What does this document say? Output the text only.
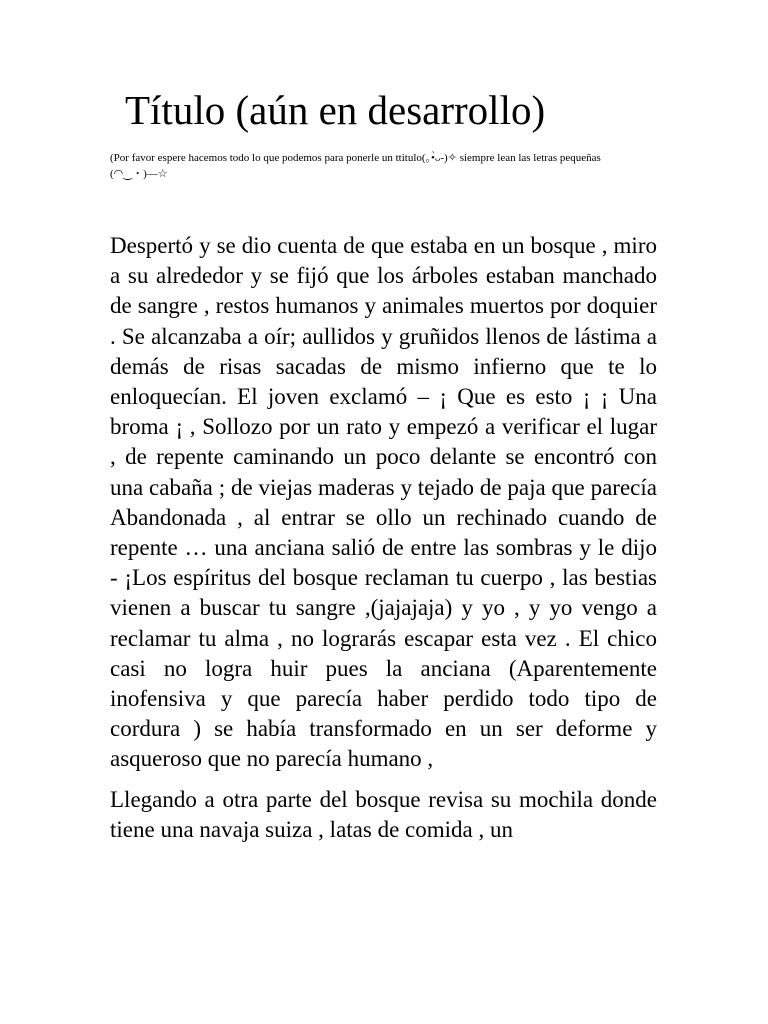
Título (aún en desarrollo)

(Por favor espere hacemos todo lo que podemos para ponerle un ttitulo(｡•̀ᴗ-)✧ siempre lean las letras pequeñas (◠‿・)—☆

Despertó y se dio cuenta de que estaba en un bosque , miro a su alrededor y se fijó que los árboles estaban manchado de sangre , restos humanos y animales muertos por doquier . Se alcanzaba a oír; aullidos y gruñidos llenos de lástima a demás de risas sacadas de mismo infierno que te lo enloquecían. El joven exclamó – ¡ Que es esto ¡ ¡ Una broma ¡ , Sollozo por un rato y empezó a verificar el lugar , de repente caminando un poco delante se encontró con una cabaña ; de viejas maderas y tejado de paja que parecía Abandonada , al entrar se ollo un rechinado cuando de repente … una anciana salió de entre las sombras y le dijo - ¡Los espíritus del bosque reclaman tu cuerpo , las bestias vienen a buscar tu sangre ,(jajajaja) y yo , y yo vengo a reclamar tu alma , no lograrás escapar esta vez . El chico casi no logra huir pues la anciana (Aparentemente inofensiva y que parecía haber perdido todo tipo de cordura ) se había transformado en un ser deforme y asqueroso que no parecía humano ,

Llegando a otra parte del bosque revisa su mochila donde tiene una navaja suiza , latas de comida , un
